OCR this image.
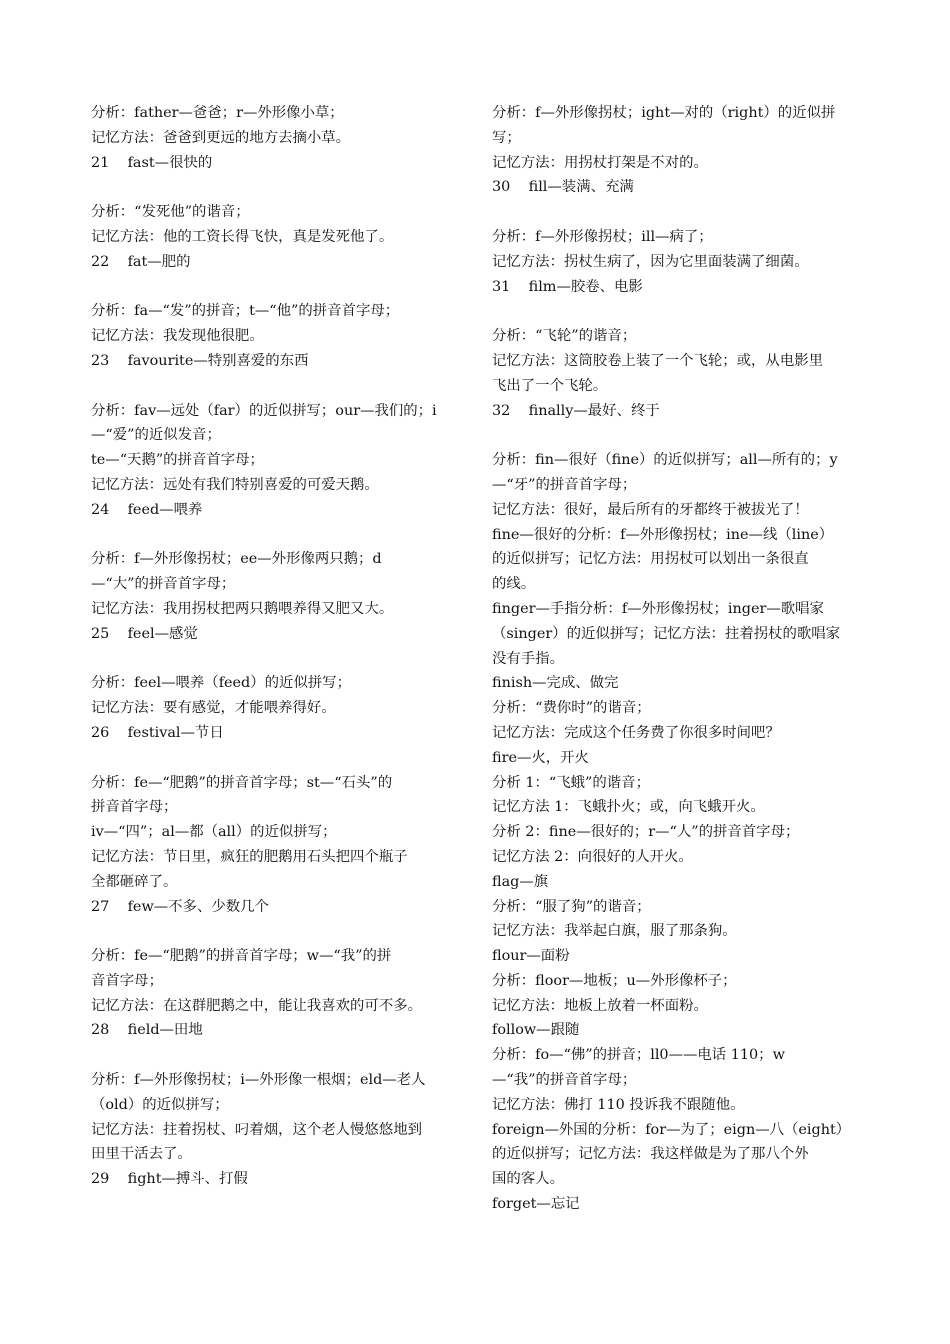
分析：father—爸爸；r—外形像小草；
记忆方法：爸爸到更远的地方去摘小草。
21    fast—很快的
分析：“发死他”的谐音；
记忆方法：他的工资长得飞快，真是发死他了。
22    fat—肥的
分析：fa—“发”的拼音；t—“他”的拼音首字母；
记忆方法：我发现他很肥。
23    favourite—特别喜爱的东西
分析：fav—远处（far）的近似拼写；our—我们的；i
—“爱”的近似发音；
te—“天鹅”的拼音首字母；
记忆方法：远处有我们特别喜爱的可爱天鹅。
24    feed—喂养
分析：f—外形像拐杖；ee—外形像两只鹅；d
—“大”的拼音首字母；
记忆方法：我用拐杖把两只鹅喂养得又肥又大。
25    feel—感觉
分析：feel—喂养（feed）的近似拼写；
记忆方法：要有感觉，才能喂养得好。
26    festival—节日
分析：fe—“肥鹅”的拼音首字母；st—“石头”的
拼音首字母；
iv—“四”；al—都（all）的近似拼写；
记忆方法：节日里，疯狂的肥鹅用石头把四个瓶子
全都砸碎了。
27    few—不多、少数几个
分析：fe—“肥鹅”的拼音首字母；w—“我”的拼
音首字母；
记忆方法：在这群肥鹅之中，能让我喜欢的可不多。
28    field—田地
分析：f—外形像拐杖；i—外形像一根烟；eld—老人
（old）的近似拼写；
记忆方法：拄着拐杖、叼着烟，这个老人慢悠悠地到
田里干活去了。
29    fight—搏斗、打假
分析：f—外形像拐杖；ight—对的（right）的近似拼
写；
记忆方法：用拐杖打架是不对的。
30    fill—装满、充满
分析：f—外形像拐杖；ill—病了；
记忆方法：拐杖生病了，因为它里面装满了细菌。
31    film—胶卷、电影
分析：“飞轮”的谐音；
记忆方法：这筒胶卷上装了一个飞轮；或，从电影里
飞出了一个飞轮。
32    finally—最好、终于
分析：fin—很好（fine）的近似拼写；all—所有的；y
—“牙”的拼音首字母；
记忆方法：很好，最后所有的牙都终于被拔光了！
fine—很好的分析：f—外形像拐杖；ine—线（line）
的近似拼写；记忆方法：用拐杖可以划出一条很直
的线。
finger—手指分析：f—外形像拐杖；inger—歌唱家
（singer）的近似拼写；记忆方法：拄着拐杖的歌唱家
没有手指。
finish—完成、做完
分析：“费你时”的谐音；
记忆方法：完成这个任务费了你很多时间吧？
fire—火，开火
分析 1：“飞蛾”的谐音；
记忆方法 1：飞蛾扑火；或，向飞蛾开火。
分析 2：fine—很好的；r—“人”的拼音首字母；
记忆方法 2：向很好的人开火。
flag—旗
分析：“服了狗”的谐音；
记忆方法：我举起白旗，服了那条狗。
flour—面粉
分析：floor—地板；u—外形像杯子；
记忆方法：地板上放着一杯面粉。
follow—跟随
分析：fo—“佛”的拼音；ll0——电话 110；w
—“我”的拼音首字母；
记忆方法：佛打 110 投诉我不跟随他。
foreign—外国的分析：for—为了；eign—八（eight）
的近似拼写；记忆方法：我这样做是为了那八个外
国的客人。
forget—忘记
